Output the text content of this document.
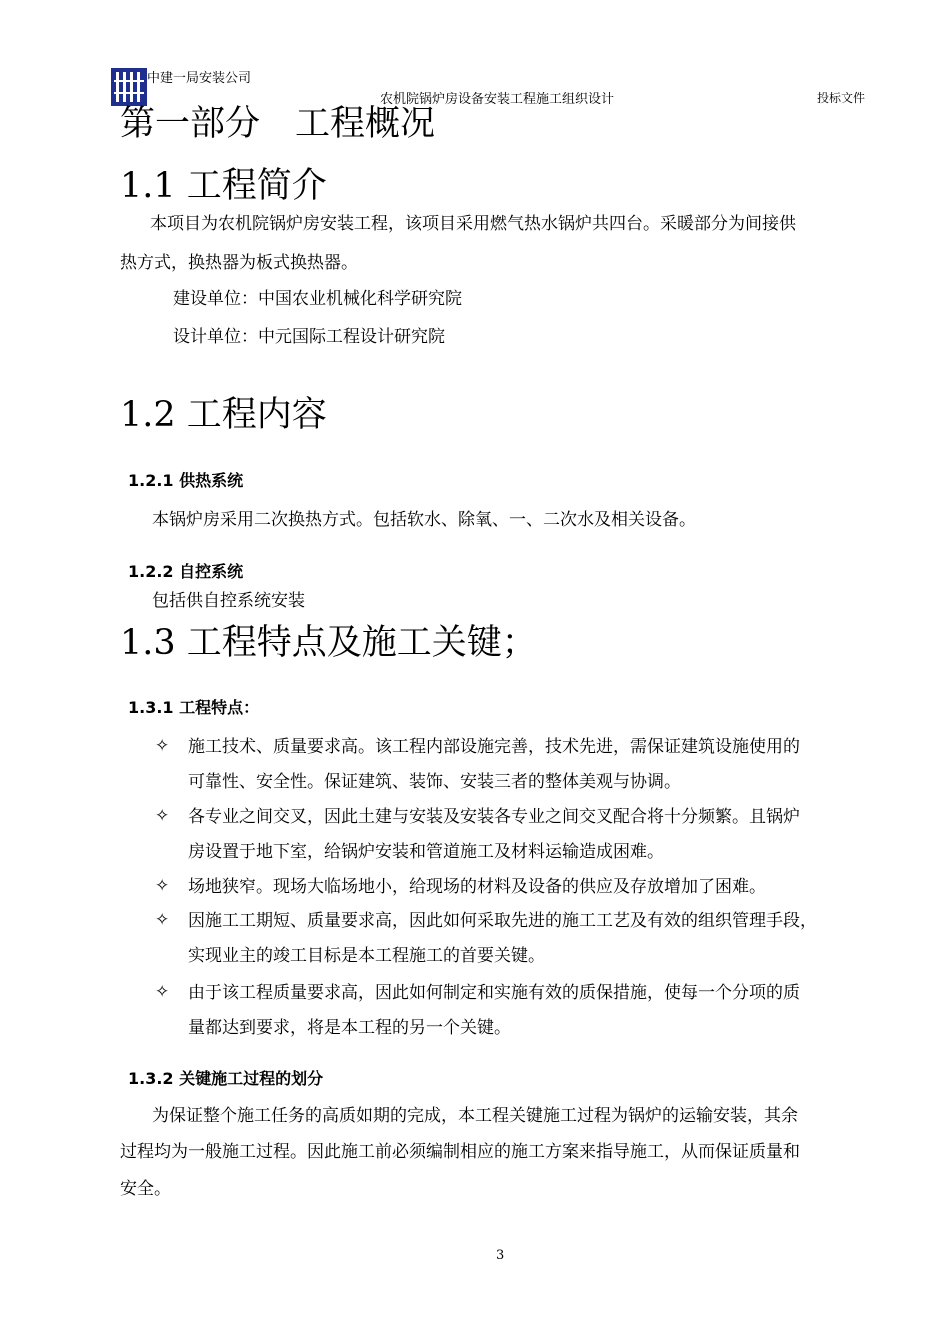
中建一局安装公司
农机院锅炉房设备安装工程施工组织设计	投标文件
第一部分　工程概况
1.1 工程简介
本项目为农机院锅炉房安装工程，该项目采用燃气热水锅炉共四台。采暖部分为间接供
热方式，换热器为板式换热器。
建设单位：中国农业机械化科学研究院
设计单位：中元国际工程设计研究院
1.2 工程内容
1.2.1 供热系统
本锅炉房采用二次换热方式。包括软水、除氧、一、二次水及相关设备。
1.2.2 自控系统
包括供自控系统安装
1.3 工程特点及施工关键；
1.3.1 工程特点：
✧ 施工技术、质量要求高。该工程内部设施完善，技术先进，需保证建筑设施使用的
可靠性、安全性。保证建筑、装饰、安装三者的整体美观与协调。
✧ 各专业之间交叉，因此土建与安装及安装各专业之间交叉配合将十分频繁。且锅炉
房设置于地下室，给锅炉安装和管道施工及材料运输造成困难。
✧ 场地狭窄。现场大临场地小，给现场的材料及设备的供应及存放增加了困难。
✧ 因施工工期短、质量要求高，因此如何采取先进的施工工艺及有效的组织管理手段，
实现业主的竣工目标是本工程施工的首要关键。
✧ 由于该工程质量要求高，因此如何制定和实施有效的质保措施，使每一个分项的质
量都达到要求，将是本工程的另一个关键。
1.3.2 关键施工过程的划分
为保证整个施工任务的高质如期的完成，本工程关键施工过程为锅炉的运输安装，其余
过程均为一般施工过程。因此施工前必须编制相应的施工方案来指导施工，从而保证质量和
安全。
3
